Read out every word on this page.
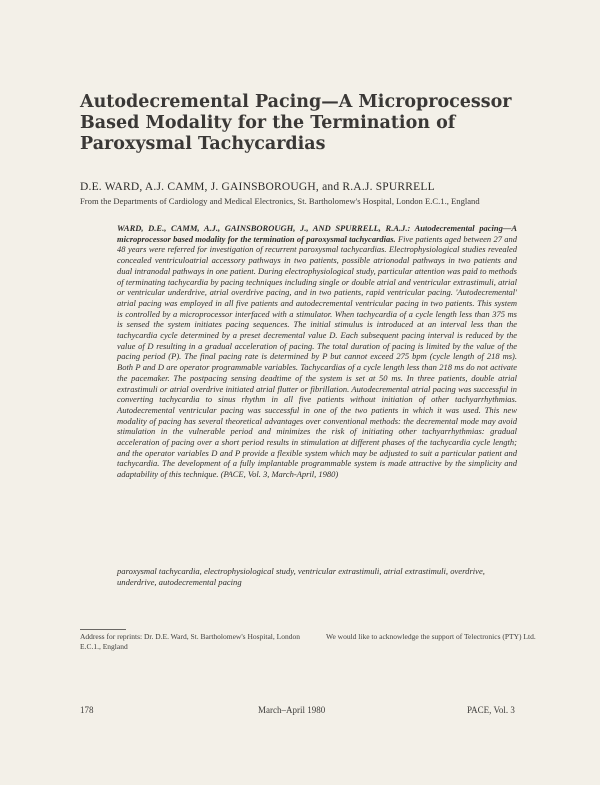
Autodecremental Pacing—A Microprocessor Based Modality for the Termination of Paroxysmal Tachycardias
D.E. WARD, A.J. CAMM, J. GAINSBOROUGH, and R.A.J. SPURRELL
From the Departments of Cardiology and Medical Electronics, St. Bartholomew's Hospital, London E.C.1., England
WARD, D.E., CAMM, A.J., GAINSBOROUGH, J., AND SPURRELL, R.A.J.: Autodecremental pacing—A microprocessor based modality for the termination of paroxysmal tachycardias. Five patients aged between 27 and 48 years were referred for investigation of recurrent paroxysmal tachycardias. Electrophysiological studies revealed concealed ventriculoatrial accessory pathways in two patients, possible atrionodal pathways in two patients and dual intranodal pathways in one patient. During electrophysiological study, particular attention was paid to methods of terminating tachycardia by pacing techniques including single or double atrial and ventricular extrastimuli, atrial or ventricular underdrive, atrial overdrive pacing, and in two patients, rapid ventricular pacing. 'Autodecremental' atrial pacing was employed in all five patients and autodecremental ventricular pacing in two patients. This system is controlled by a microprocessor interfaced with a stimulator. When tachycardia of a cycle length less than 375 ms is sensed the system initiates pacing sequences. The initial stimulus is introduced at an interval less than the tachycardia cycle determined by a preset decremental value D. Each subsequent pacing interval is reduced by the value of D resulting in a gradual acceleration of pacing. The total duration of pacing is limited by the value of the pacing period (P). The final pacing rate is determined by P but cannot exceed 275 bpm (cycle length of 218 ms). Both P and D are operator programmable variables. Tachycardias of a cycle length less than 218 ms do not activate the pacemaker. The postpacing sensing deadtime of the system is set at 50 ms. In three patients, double atrial extrastimuli or atrial overdrive initiated atrial flutter or fibrillation. Autodecremental atrial pacing was successful in converting tachycardia to sinus rhythm in all five patients without initiation of other tachyarrhythmias. Autodecremental ventricular pacing was successful in one of the two patients in which it was used. This new modality of pacing has several theoretical advantages over conventional methods: the decremental mode may avoid stimulation in the vulnerable period and minimizes the risk of initiating other tachyarrhythmias: gradual acceleration of pacing over a short period results in stimulation at different phases of the tachycardia cycle length; and the operator variables D and P provide a flexible system which may be adjusted to suit a particular patient and tachycardia. The development of a fully implantable programmable system is made attractive by the simplicity and adaptability of this technique. (PACE, Vol. 3, March-April, 1980)
paroxysmal tachycardia, electrophysiological study, ventricular extrastimuli, atrial extrastimuli, overdrive, underdrive, autodecremental pacing
Address for reprints: Dr. D.E. Ward, St. Bartholomew's Hospital, London E.C.1., England
We would like to acknowledge the support of Telectronics (PTY) Ltd.
178	March–April 1980	PACE, Vol. 3
